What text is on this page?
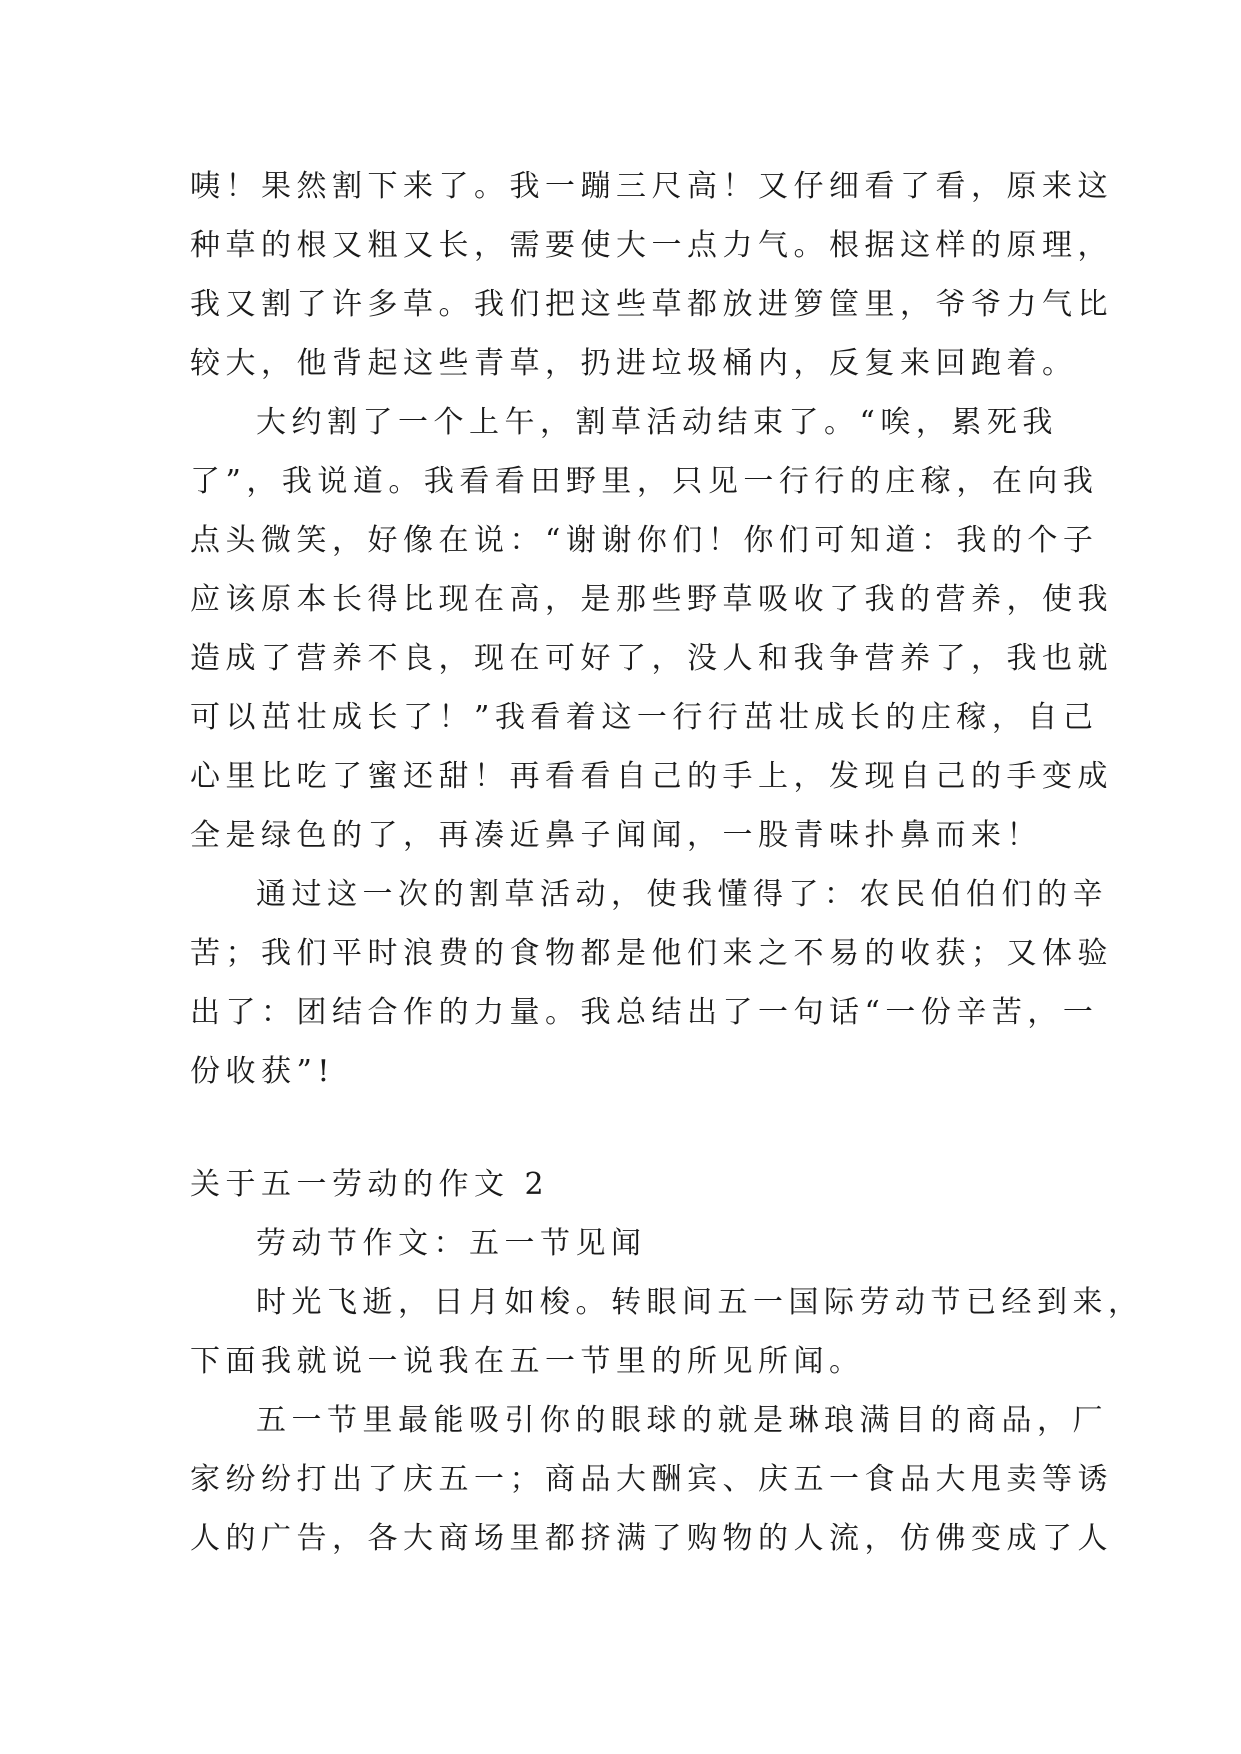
咦！果然割下来了。我一蹦三尺高！又仔细看了看，原来这
种草的根又粗又长，需要使大一点力气。根据这样的原理，
我又割了许多草。我们把这些草都放进箩筐里，爷爷力气比
较大，他背起这些青草，扔进垃圾桶内，反复来回跑着。
大约割了一个上午，割草活动结束了。“唉，累死我
了”，我说道。我看看田野里，只见一行行的庄稼，在向我
点头微笑，好像在说：“谢谢你们！你们可知道：我的个子
应该原本长得比现在高，是那些野草吸收了我的营养，使我
造成了营养不良，现在可好了，没人和我争营养了，我也就
可以茁壮成长了！”我看着这一行行茁壮成长的庄稼，自己
心里比吃了蜜还甜！再看看自己的手上，发现自己的手变成
全是绿色的了，再凑近鼻子闻闻，一股青味扑鼻而来！
通过这一次的割草活动，使我懂得了：农民伯伯们的辛
苦；我们平时浪费的食物都是他们来之不易的收获；又体验
出了：团结合作的力量。我总结出了一句话“一份辛苦，一
份收获”!
关于五一劳动的作文 2
劳动节作文：五一节见闻
时光飞逝，日月如梭。转眼间五一国际劳动节已经到来，
下面我就说一说我在五一节里的所见所闻。
五一节里最能吸引你的眼球的就是琳琅满目的商品，厂
家纷纷打出了庆五一；商品大酬宾、庆五一食品大甩卖等诱
人的广告，各大商场里都挤满了购物的人流，仿佛变成了人
